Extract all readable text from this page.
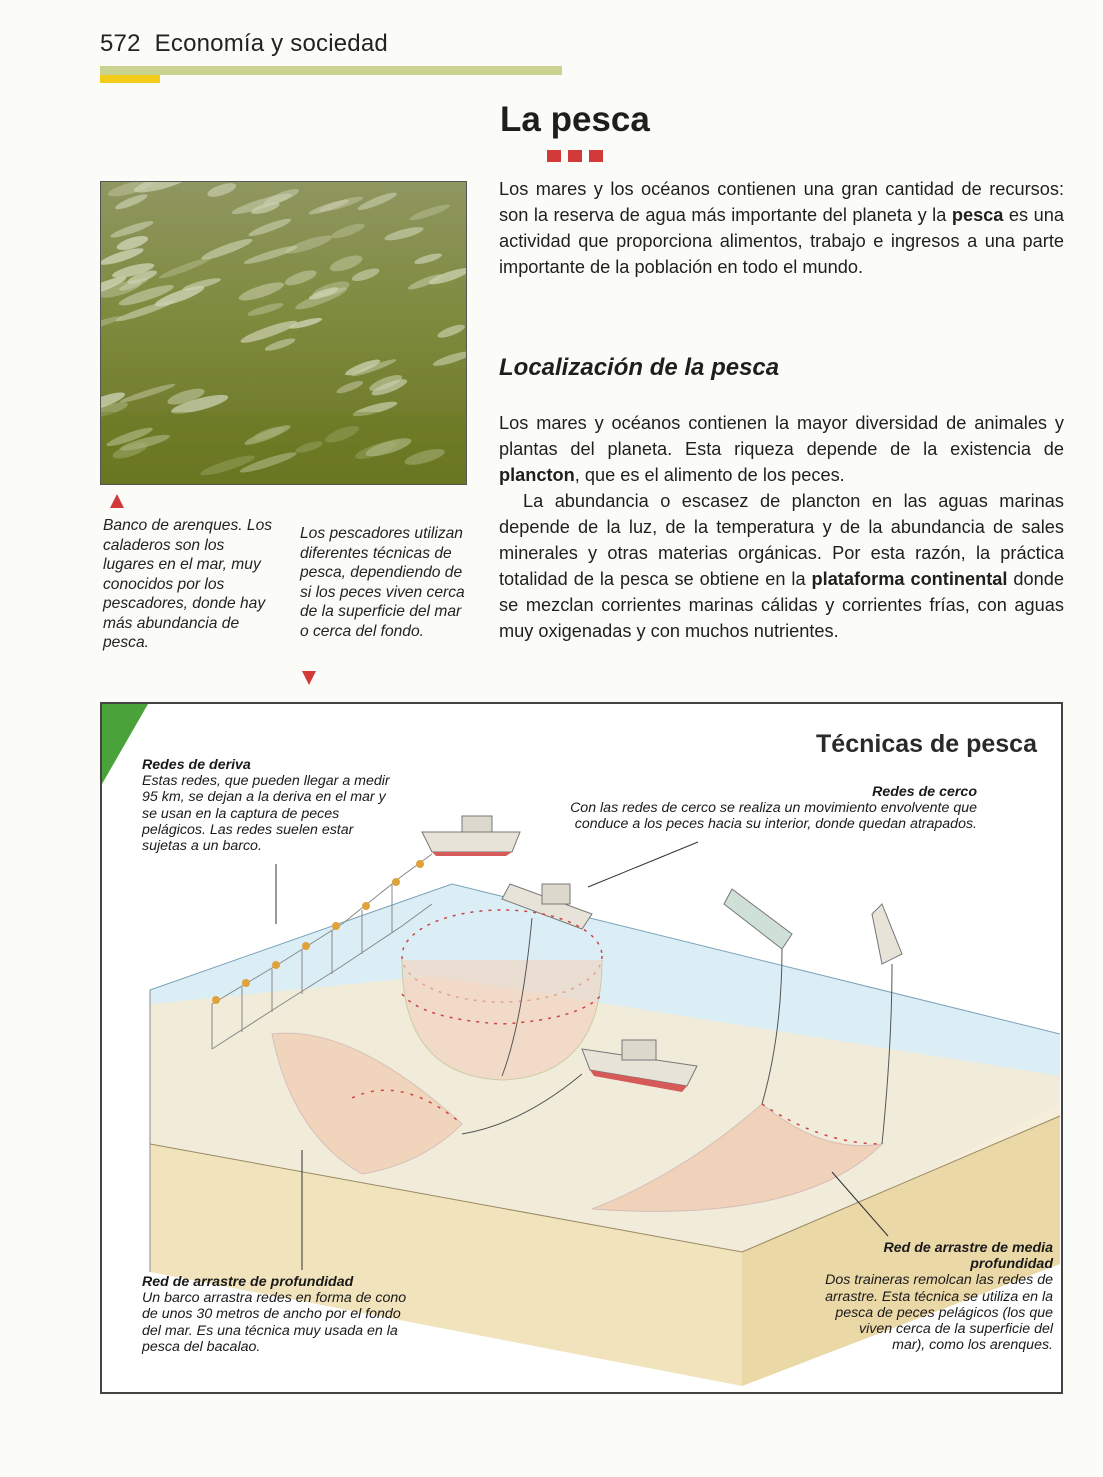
572 Economía y sociedad
La pesca
Los mares y los océanos contienen una gran cantidad de recursos: son la reserva de agua más importante del planeta y la pesca es una actividad que proporciona alimentos, trabajo e ingresos a una parte importante de la población en todo el mundo.
Localización de la pesca
Los mares y océanos contienen la mayor diversidad de animales y plantas del planeta. Esta riqueza depende de la existencia de plancton, que es el alimento de los peces.
La abundancia o escasez de plancton en las aguas marinas depende de la luz, de la temperatura y de la abundancia de sales minerales y otras materias orgánicas. Por esta razón, la práctica totalidad de la pesca se obtiene en la plataforma continental donde se mezclan corrientes marinas cálidas y corrientes frías, con aguas muy oxigenadas y con muchos nutrientes.
Banco de arenques. Los caladeros son los lugares en el mar, muy conocidos por los pescadores, donde hay más abundancia de pesca.
Los pescadores utilizan diferentes técnicas de pesca, dependiendo de si los peces viven cerca de la superficie del mar o cerca del fondo.
Técnicas de pesca
Redes de deriva
Estas redes, que pueden llegar a medir 95 km, se dejan a la deriva en el mar y se usan en la captura de peces pelágicos. Las redes suelen estar sujetas a un barco.
Redes de cerco
Con las redes de cerco se realiza un movimiento envolvente que conduce a los peces hacia su interior, donde quedan atrapados.
Red de arrastre de profundidad
Un barco arrastra redes en forma de cono de unos 30 metros de ancho por el fondo del mar. Es una técnica muy usada en la pesca del bacalao.
Red de arrastre de media profundidad
Dos traineras remolcan las redes de arrastre. Esta técnica se utiliza en la pesca de peces pelágicos (los que viven cerca de la superficie del mar), como los arenques.
